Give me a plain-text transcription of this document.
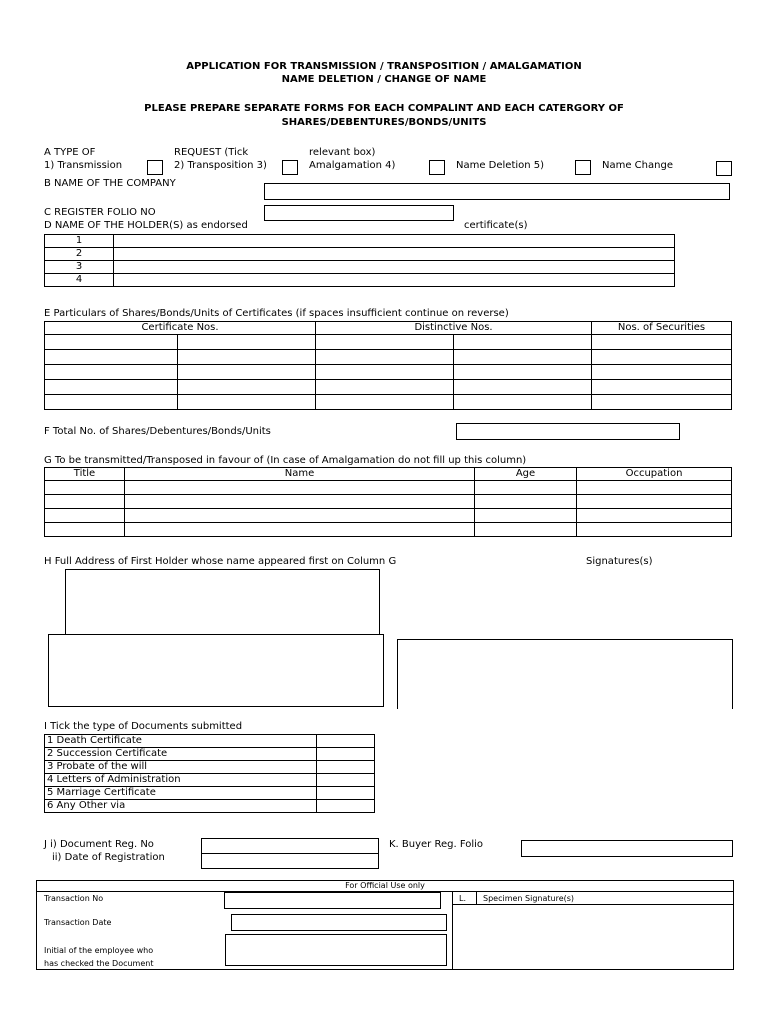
APPLICATION FOR TRANSMISSION / TRANSPOSITION / AMALGAMATION
NAME DELETION / CHANGE OF NAME
PLEASE PREPARE SEPARATE FORMS FOR EACH COMPALINT AND EACH CATERGORY OF
SHARES/DEBENTURES/BONDS/UNITS
A TYPE OF	REQUEST (Tick	relevant box)
1) Transmission	2) Transposition 3)	Amalgamation 4)	Name Deletion 5)	Name Change
B NAME OF THE COMPANY
C REGISTER FOLIO NO
D NAME OF THE HOLDER(S) as endorsed	certificate(s)
1	
2	
3	
4	
E Particulars of Shares/Bonds/Units of Certificates (if spaces insufficient continue on reverse)
Certificate Nos.		Distinctive Nos.		Nos. of Securities

F Total No. of Shares/Debentures/Bonds/Units
G To be transmitted/Transposed in favour of (In case of Amalgamation do not fill up this column)
Title	Name	Age	Occupation

H Full Address of First Holder whose name appeared first on Column G	Signatures(s)
I Tick the type of Documents submitted
1 Death Certificate	
2 Succession Certificate	
3 Probate of the will	
4 Letters of Administration	
5 Marriage Certificate	
6 Any Other via	
J i) Document Reg. No
ii) Date of Registration
K. Buyer Reg. Folio
For Official Use only
L. Specimen Signature(s)
Transaction No
Transaction Date
Initial of the employee who
has checked the Document
